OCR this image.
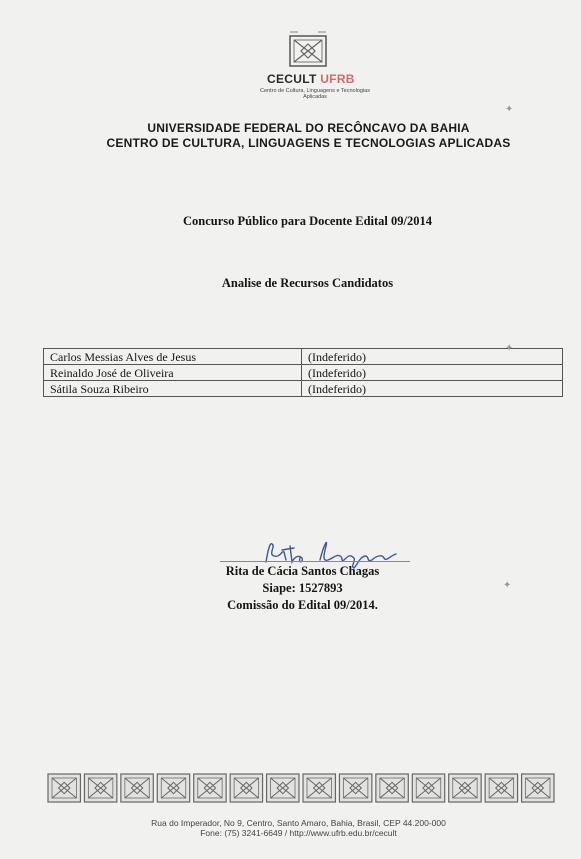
CECULT UFRB
Centro de Cultura, Linguagens e Tecnologias Aplicadas
UNIVERSIDADE FEDERAL DO RECÔNCAVO DA BAHIA
CENTRO DE CULTURA, LINGUAGENS E TECNOLOGIAS APLICADAS
Concurso Público para Docente Edital 09/2014
Analise de Recursos Candidatos
Carlos Messias Alves de Jesus	(Indeferido)
Reinaldo José de Oliveira	(Indeferido)
Sátila Souza Ribeiro	(Indeferido)
Rita de Cácia Santos Chagas
Siape: 1527893
Comissão do Edital 09/2014.
Rua do Imperador, No 9, Centro, Santo Amaro, Bahia, Brasil, CEP 44.200-000
Fone: (75) 3241-6649 / http://www.ufrb.edu.br/cecult
✦
✦
✦
